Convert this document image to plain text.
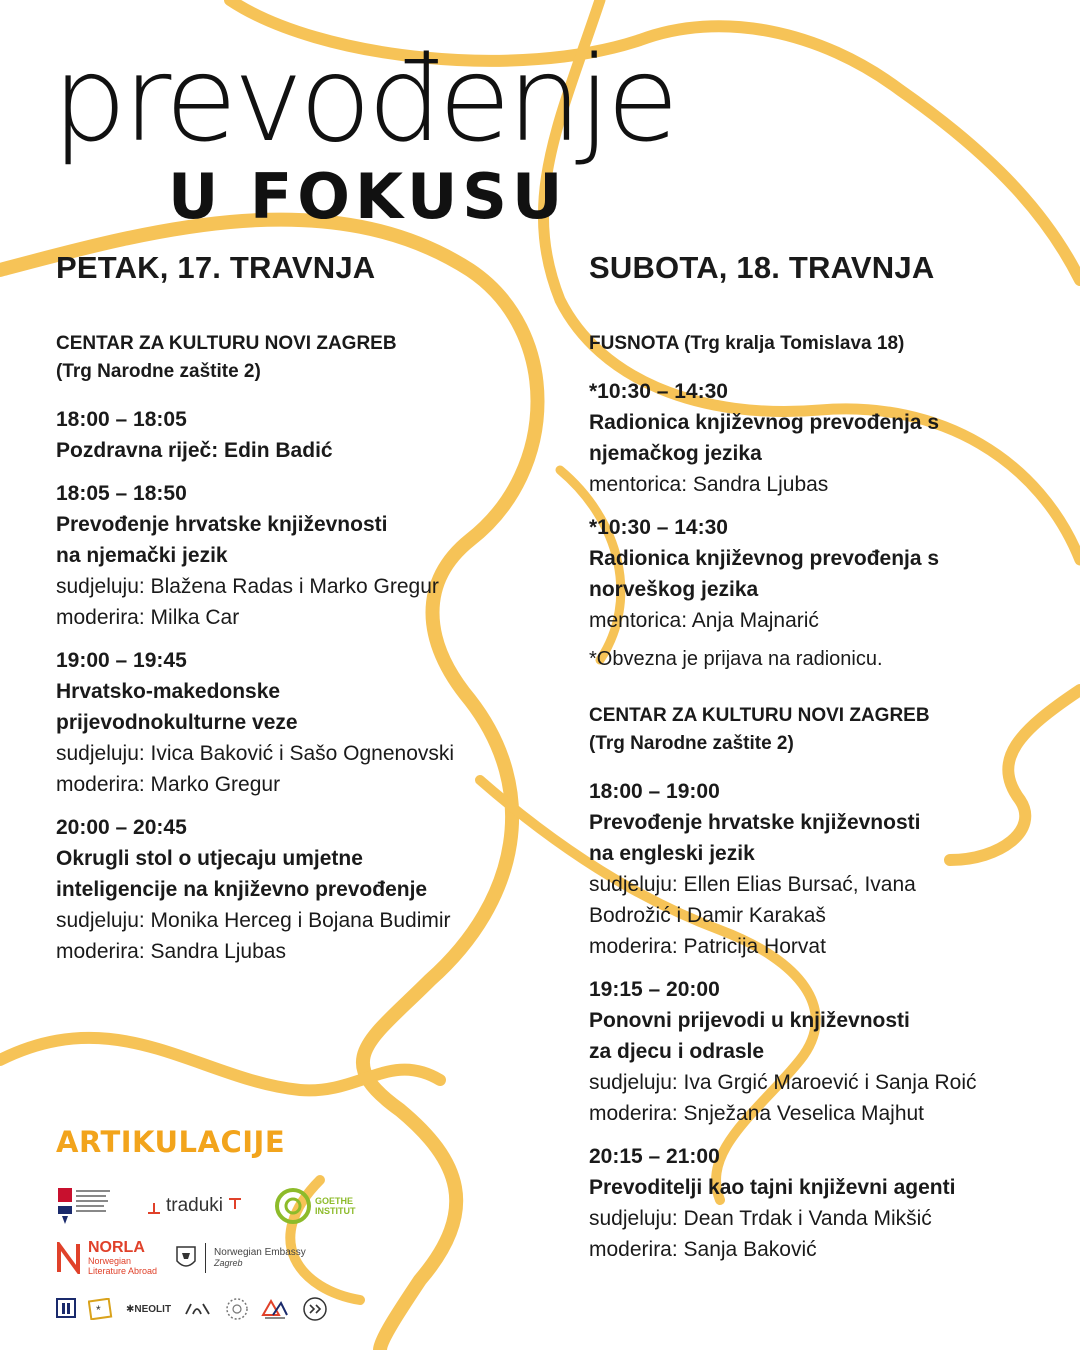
prevođenje
U FOKUSU
PETAK, 17. TRAVNJA
CENTAR ZA KULTURU NOVI ZAGREB
(Trg Narodne zaštite 2)
18:00 – 18:05
Pozdravna riječ: Edin Badić
18:05 – 18:50
Prevođenje hrvatske književnosti
na njemački jezik
sudjeluju: Blažena Radas i Marko Gregur
moderira: Milka Car
19:00 – 19:45
Hrvatsko-makedonske
prijevodnokulturne veze
sudjeluju: Ivica Baković i Sašo Ognenovski
moderira: Marko Gregur
20:00 – 20:45
Okrugli stol o utjecaju umjetne
inteligencije na književno prevođenje
sudjeluju: Monika Herceg i Bojana Budimir
moderira: Sandra Ljubas
SUBOTA, 18. TRAVNJA
FUSNOTA (Trg kralja Tomislava 18)
*10:30 – 14:30
Radionica književnog prevođenja s
njemačkog jezika
mentorica: Sandra Ljubas
*10:30 – 14:30
Radionica književnog prevođenja s
norveškog jezika
mentorica: Anja Majnarić
*Obvezna je prijava na radionicu.
CENTAR ZA KULTURU NOVI ZAGREB
(Trg Narodne zaštite 2)
18:00 – 19:00
Prevođenje hrvatske književnosti
na engleski jezik
sudjeluju: Ellen Elias Bursać, Ivana
Bodrožić i Damir Karakaš
moderira: Patricija Horvat
19:15 – 20:00
Ponovni prijevodi u književnosti
za djecu i odrasle
sudjeluju: Iva Grgić Maroević i Sanja Roić
moderira: Snježana Veselica Majhut
20:15 – 21:00
Prevoditelji kao tajni književni agenti
sudjeluju: Dean Trdak i Vanda Mikšić
moderira: Sanja Baković
ARTIKULACIJE
traduki	GOETHE
INSTITUT
NORLA
Norwegian
Literature Abroad
Norwegian Embassy
Zagreb
*	✱ NEOLIT
